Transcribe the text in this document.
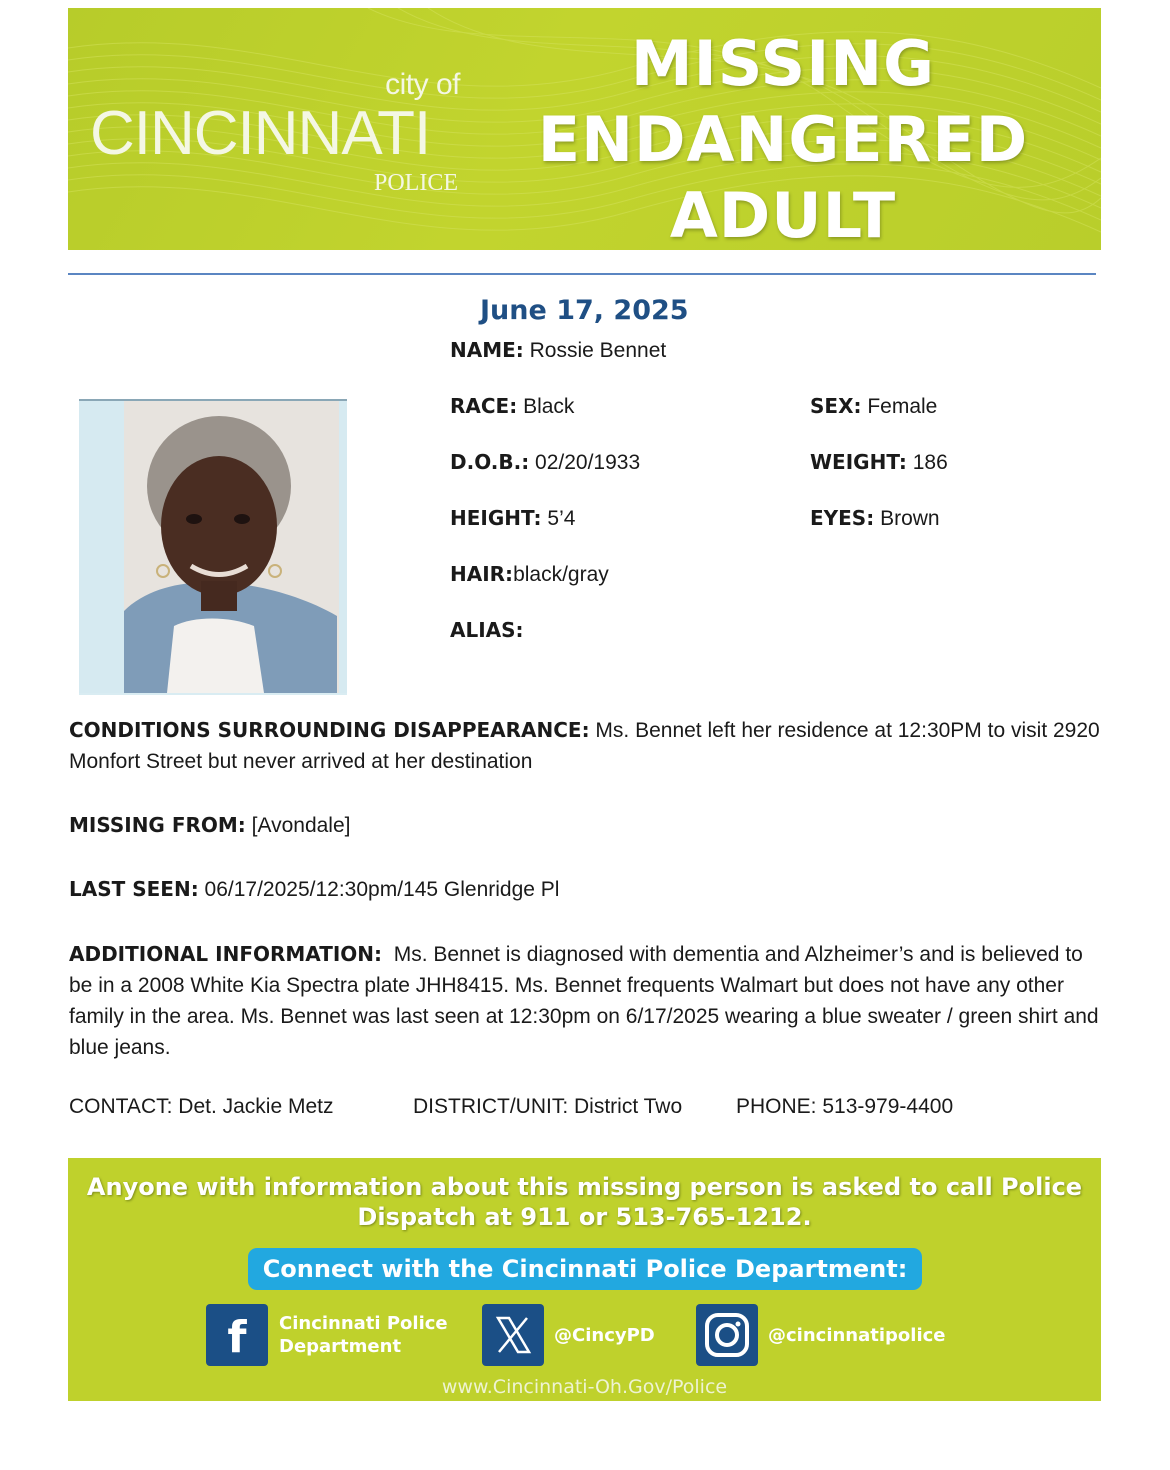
city of
CINCINNATI
POLICE
MISSING
ENDANGERED
ADULT
June 17, 2025
NAME: Rossie Bennet
RACE: Black	SEX: Female
D.O.B.: 02/20/1933	WEIGHT: 186
HEIGHT: 5’4	EYES: Brown
HAIR:black/gray
ALIAS:
CONDITIONS SURROUNDING DISAPPEARANCE: Ms. Bennet left her residence at 12:30PM to visit 2920 Monfort Street but never arrived at her destination
MISSING FROM: [Avondale]
LAST SEEN: 06/17/2025/12:30pm/145 Glenridge Pl
ADDITIONAL INFORMATION: Ms. Bennet is diagnosed with dementia and Alzheimer’s and is believed to be in a 2008 White Kia Spectra plate JHH8415. Ms. Bennet frequents Walmart but does not have any other family in the area. Ms. Bennet was last seen at 12:30pm on 6/17/2025 wearing a blue sweater / green shirt and blue jeans.
CONTACT: Det. Jackie Metz	DISTRICT/UNIT: District Two	PHONE: 513-979-4400
Anyone with information about this missing person is asked to call Police
Dispatch at 911 or 513-765-1212.
Connect with the Cincinnati Police Department:
f Cincinnati Police
Department
@CincyPD	@cincinnatipolice
www.Cincinnati-Oh.Gov/Police
